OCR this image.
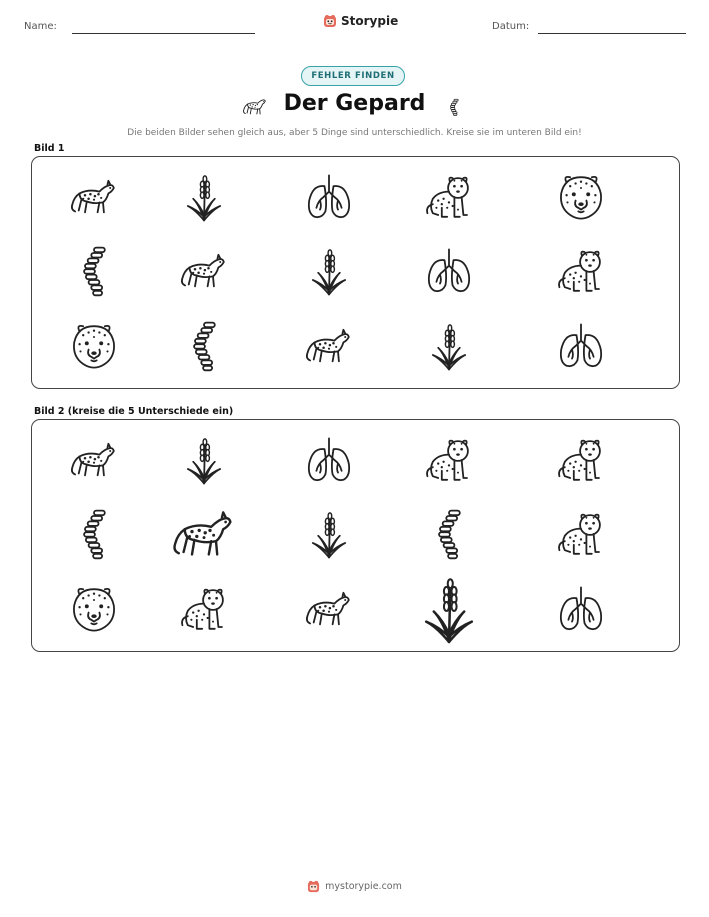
Name:	Storypie	Datum:
FEHLER FINDEN
Der Gepard
Die beiden Bilder sehen gleich aus, aber 5 Dinge sind unterschiedlich. Kreise sie im unteren Bild ein!
Bild 1
Bild 2 (kreise die 5 Unterschiede ein)
mystorypie.com
